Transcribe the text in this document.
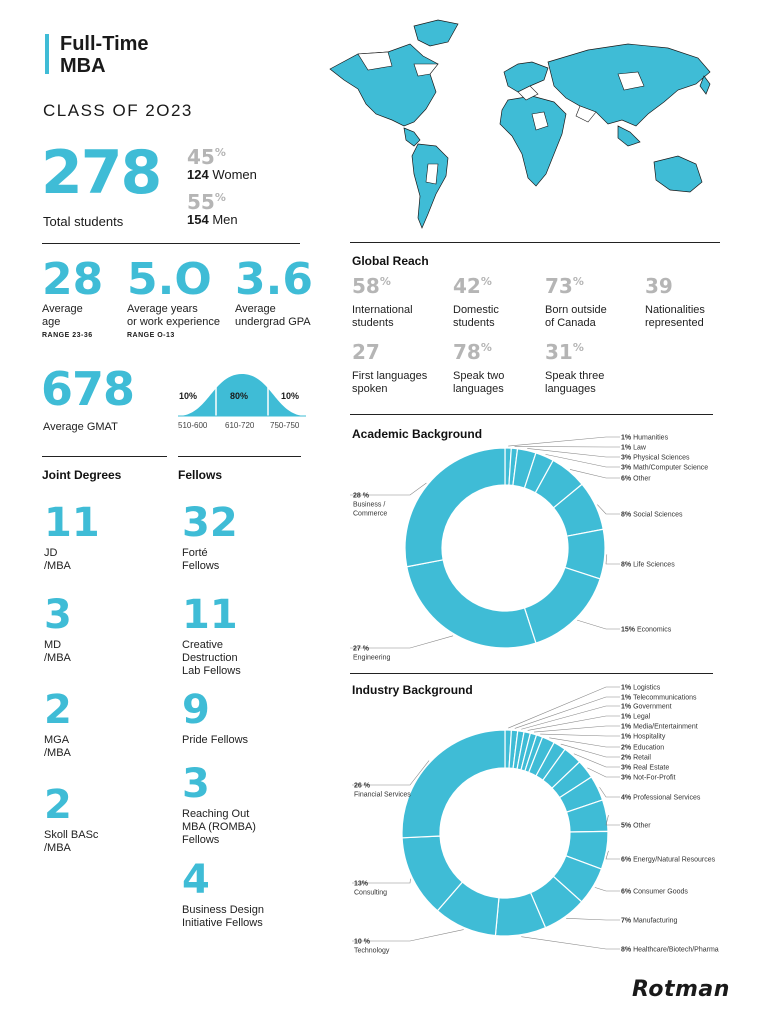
Full-Time
MBA
CLASS OF 2O23
278
Total students
45%
124 Women
55%
154 Men
28
Average
age
RANGE 23-36
5.O
Average years
or work experience
RANGE O-13
3.6
Average
undergrad GPA
678
Average GMAT
10%	80%	10%
510-600 610-720 750-750
Joint Degrees
11
JD
/MBA
3
MD
/MBA
2
MGA
/MBA
2
Skoll BASc
/MBA
Fellows
32
Forté
Fellows
11
Creative
Destruction
Lab Fellows
9
Pride Fellows
3
Reaching Out
MBA (ROMBA)
Fellows
4
Business Design
Initiative Fellows
Global Reach
58%
International
students
42%
Domestic
students
73%
Born outside
of Canada
39
Nationalities
represented
27
First languages
spoken
78%
Speak two
languages
31%
Speak three
languages
Academic Background	1% Humanities
1% Law
3% Physical Sciences
3% Math/Computer Science
6% Other
8% Social Sciences
8% Life Sciences
15% Economics
27 % Engineering
28 % Business / Commerce
Industry Background	1% Logistics
1% Telecommunications
1% Government
1% Legal
1% Media/Entertainment
1% Hospitality
2% Education
2% Retail
3% Real Estate
3% Not-For-Profit
4% Professional Services
5% Other
6% Energy/Natural Resources
6% Consumer Goods
7% Manufacturing
8% Healthcare/Biotech/Pharma
10 % Technology
13% Consulting
26 % Financial Services
Rotman
